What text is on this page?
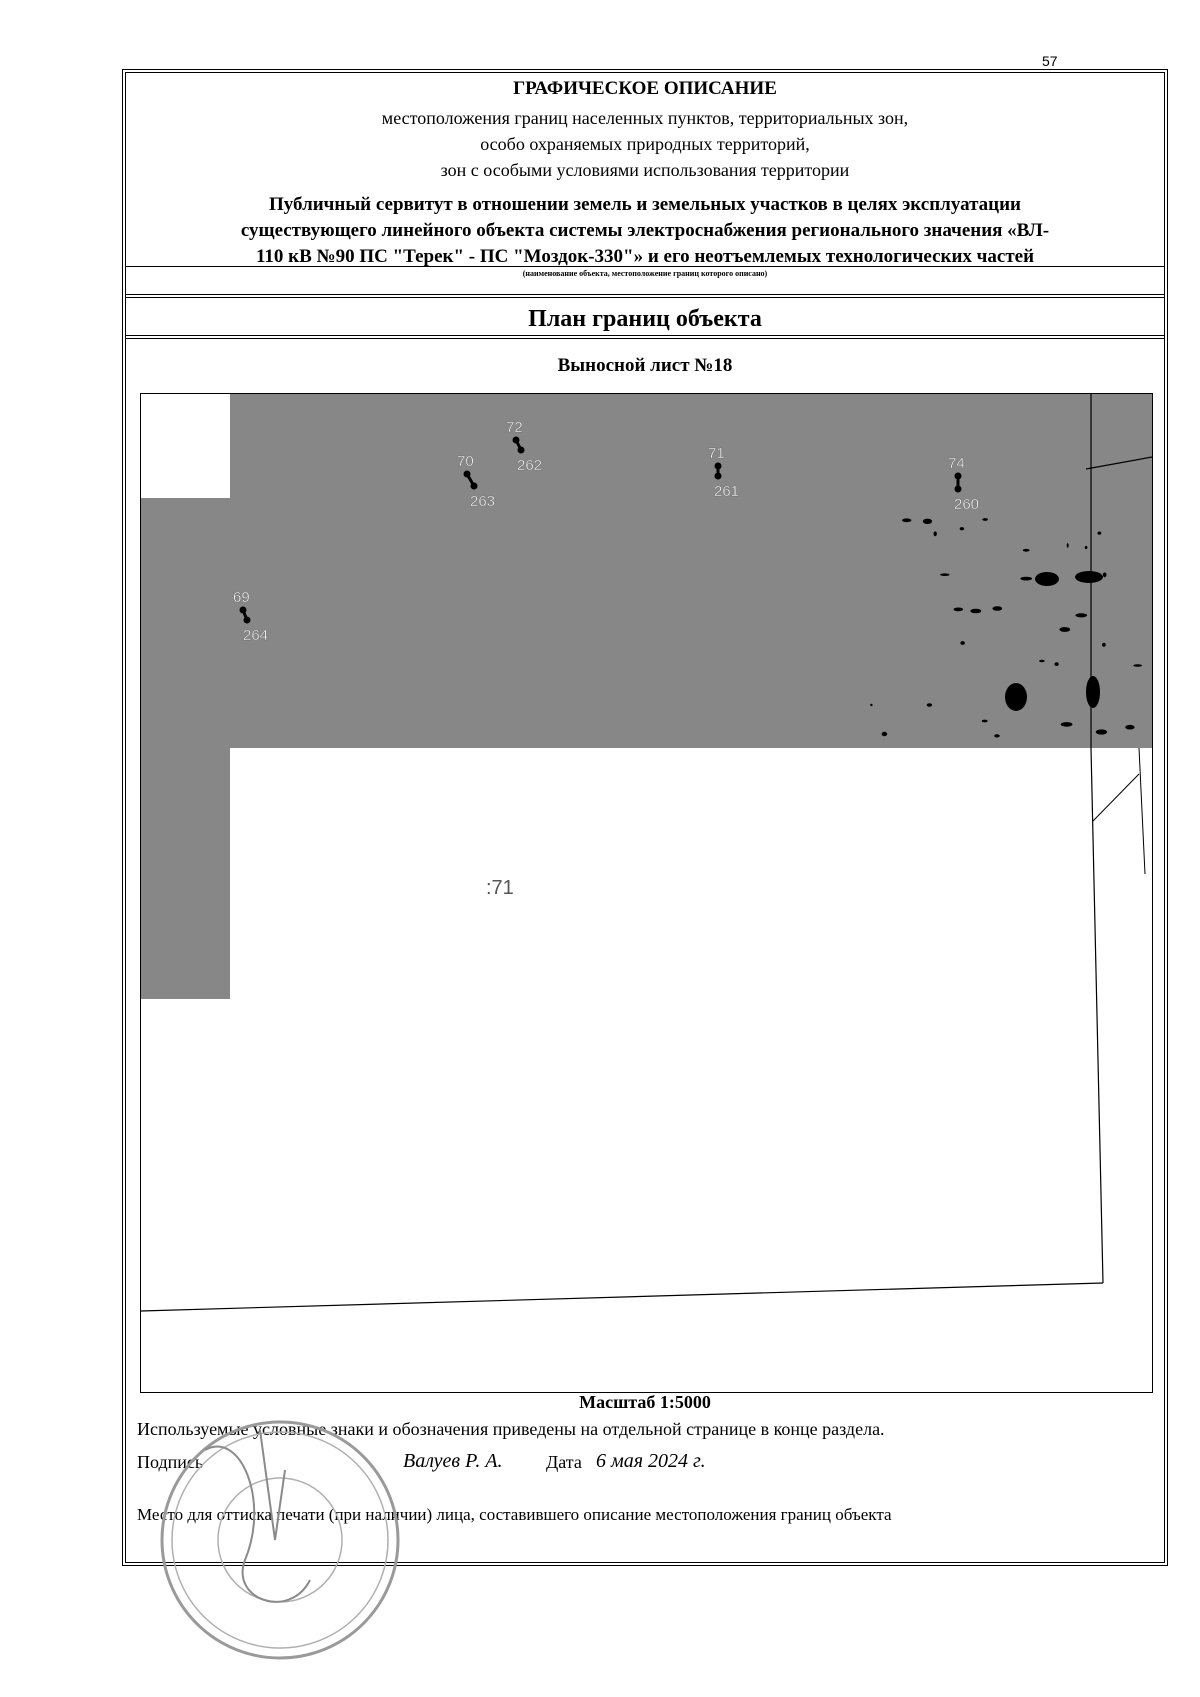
57
ГРАФИЧЕСКОЕ ОПИСАНИЕ
местоположения границ населенных пунктов, территориальных зон,
особо охраняемых природных территорий,
зон с особыми условиями использования территории
Публичный сервитут в отношении земель и земельных участков в целях эксплуатации
существующего линейного объекта системы электроснабжения регионального значения «ВЛ-
110 кВ №90 ПС "Терек" - ПС "Моздок-330"» и его неотъемлемых технологических частей
(наименование объекта, местоположение границ которого описано)
План границ объекта
Выносной лист №18
72
262
70
263
71
261
74
260
69
264
:71
Масштаб 1:5000
Используемые условные знаки и обозначения приведены на отдельной странице в конце раздела.
Подпись	Валуев Р. А. Дата 6 мая 2024 г.
Место для оттиска печати (при наличии) лица, составившего описание местоположения границ объекта
